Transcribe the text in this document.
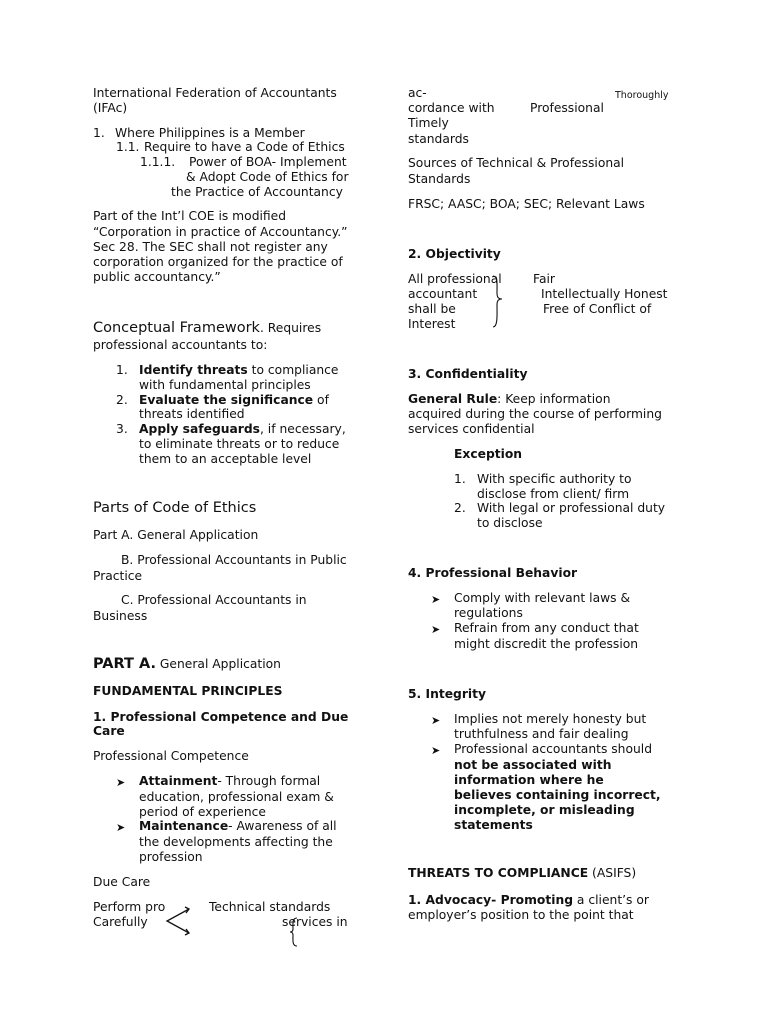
International Federation of Accountants
(IFAc)
1. Where Philippines is a Member
1.1. Require to have a Code of Ethics
1.1.1. Power of BOA- Implement
& Adopt Code of Ethics for
the Practice of Accountancy
Part of the Int’l COE is modified
“Corporation in practice of Accountancy.”
Sec 28. The SEC shall not register any
corporation organized for the practice of
public accountancy.”
Conceptual Framework. Requires
professional accountants to:
1. Identify threats to compliance
with fundamental principles
2. Evaluate the significance of
threats identified
3. Apply safeguards, if necessary,
to eliminate threats or to reduce
them to an acceptable level
Parts of Code of Ethics
Part A. General Application
B. Professional Accountants in Public
Practice
C. Professional Accountants in
Business
PART A. General Application
FUNDAMENTAL PRINCIPLES
1. Professional Competence and Due
Care
Professional Competence
➤ Attainment- Through formal
education, professional exam &
period of experience
➤ Maintenance- Awareness of all
the developments affecting the
profession
Due Care
Perform pro
Carefully
Technical standards
services in
ac-	Thoroughly
cordance with	Professional
Timely
standards
Sources of Technical & Professional
Standards
FRSC; AASC; BOA; SEC; Relevant Laws
2. Objectivity
All professional
accountant
shall be
Interest
Fair
Intellectually Honest
Free of Conflict of
3. Confidentiality
General Rule: Keep information
acquired during the course of performing
services confidential
Exception
1. With specific authority to
disclose from client/ firm
2. With legal or professional duty
to disclose
4. Professional Behavior
➤ Comply with relevant laws &
regulations
➤ Refrain from any conduct that
might discredit the profession
5. Integrity
➤ Implies not merely honesty but
truthfulness and fair dealing
➤ Professional accountants should
not be associated with
information where he
believes containing incorrect,
incomplete, or misleading
statements
THREATS TO COMPLIANCE (ASIFS)
1. Advocacy- Promoting a client’s or
employer’s position to the point that
